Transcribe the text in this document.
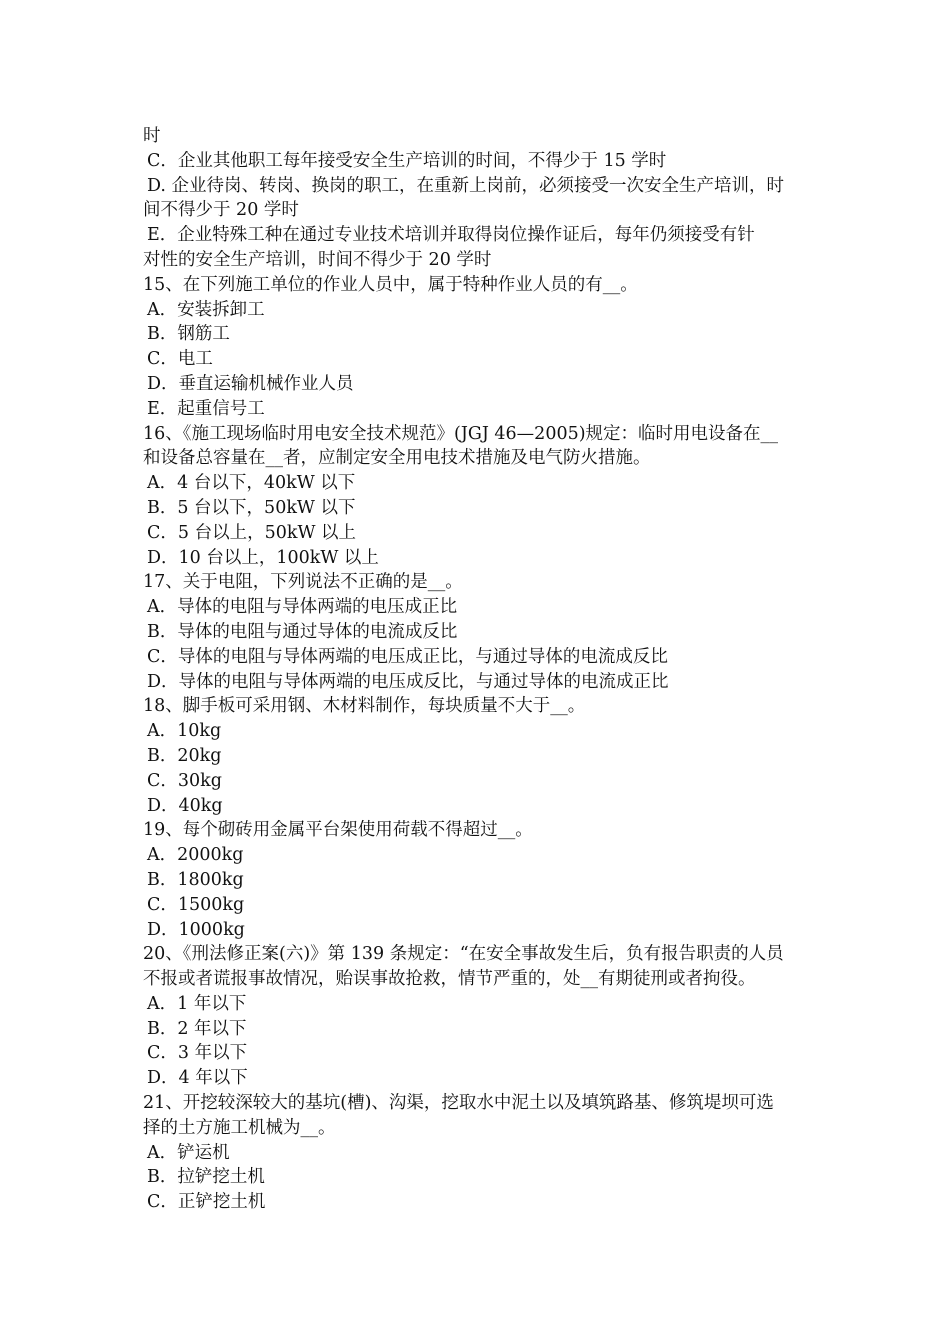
时
C．企业其他职工每年接受安全生产培训的时间，不得少于 15 学时
D. 企业待岗、转岗、换岗的职工，在重新上岗前，必须接受一次安全生产培训，时
间不得少于 20 学时
E．企业特殊工种在通过专业技术培训并取得岗位操作证后，每年仍须接受有针
对性的安全生产培训，时间不得少于 20 学时
15、在下列施工单位的作业人员中，属于特种作业人员的有__。
A．安装拆卸工
B．钢筋工
C．电工
D．垂直运输机械作业人员
E．起重信号工
16、《施工现场临时用电安全技术规范》(JGJ 46—2005)规定：临时用电设备在__
和设备总容量在__者，应制定安全用电技术措施及电气防火措施。
A．4 台以下，40kW 以下
B．5 台以下，50kW 以下
C．5 台以上，50kW 以上
D．10 台以上，100kW 以上
17、关于电阻，下列说法不正确的是__。
A．导体的电阻与导体两端的电压成正比
B．导体的电阻与通过导体的电流成反比
C．导体的电阻与导体两端的电压成正比，与通过导体的电流成反比
D．导体的电阻与导体两端的电压成反比，与通过导体的电流成正比
18、脚手板可采用钢、木材料制作，每块质量不大于__。
A．10kg
B．20kg
C．30kg
D．40kg
19、每个砌砖用金属平台架使用荷载不得超过__。
A．2000kg
B．1800kg
C．1500kg
D．1000kg
20、《刑法修正案(六)》第 139 条规定：“在安全事故发生后，负有报告职责的人员
不报或者谎报事故情况，贻误事故抢救，情节严重的，处__有期徒刑或者拘役。
A．1 年以下
B．2 年以下
C．3 年以下
D．4 年以下
21、开挖较深较大的基坑(槽)、沟渠，挖取水中泥土以及填筑路基、修筑堤坝可选
择的土方施工机械为__。
A．铲运机
B．拉铲挖土机
C．正铲挖土机
